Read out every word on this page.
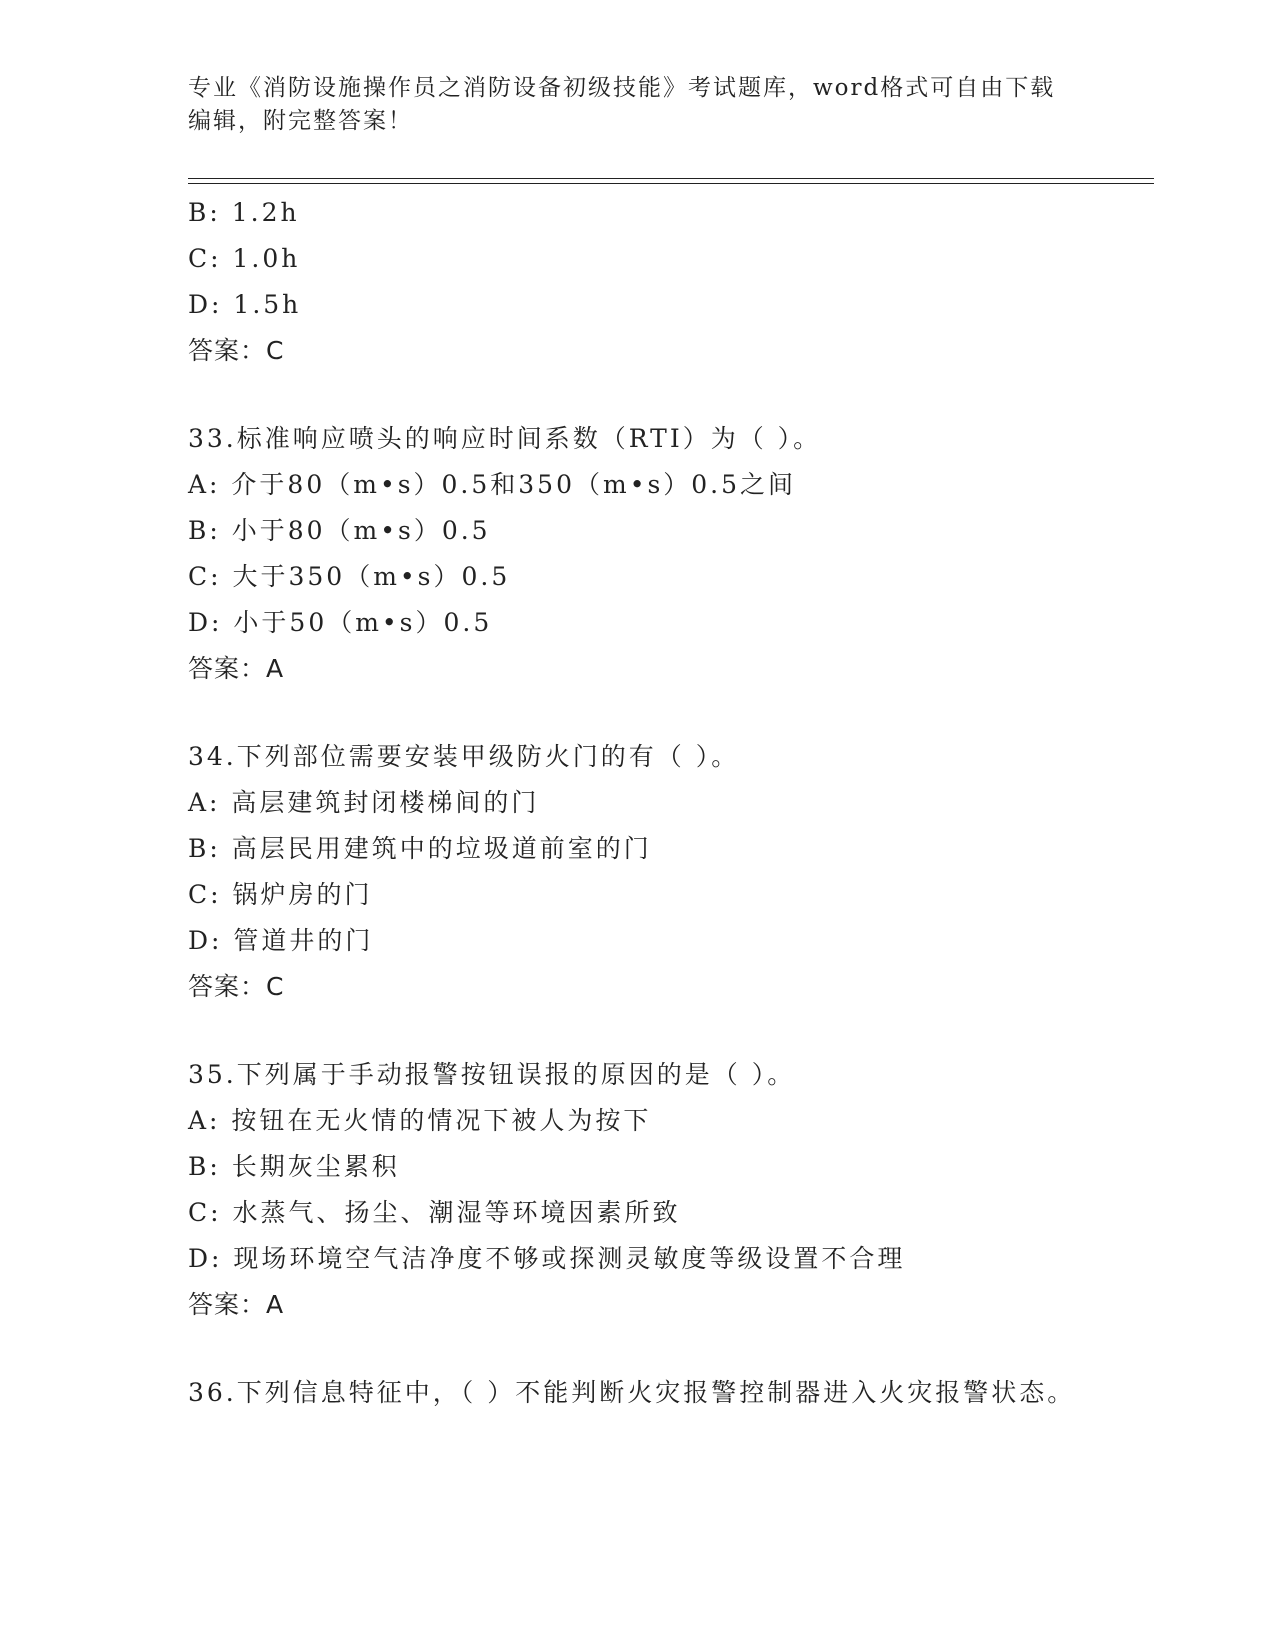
专业《消防设施操作员之消防设备初级技能》考试题库，word格式可自由下载编辑，附完整答案！
B: 1.2h
C: 1.0h
D: 1.5h
答案：C
33.标准响应喷头的响应时间系数（RTI）为（ ）。
A: 介于80（m•s）0.5和350（m•s）0.5之间
B: 小于80（m•s）0.5
C: 大于350（m•s）0.5
D: 小于50（m•s）0.5
答案：A
34.下列部位需要安装甲级防火门的有（ ）。
A: 高层建筑封闭楼梯间的门
B: 高层民用建筑中的垃圾道前室的门
C: 锅炉房的门
D: 管道井的门
答案：C
35.下列属于手动报警按钮误报的原因的是（ ）。
A: 按钮在无火情的情况下被人为按下
B: 长期灰尘累积
C: 水蒸气、扬尘、潮湿等环境因素所致
D: 现场环境空气洁净度不够或探测灵敏度等级设置不合理
答案：A
36.下列信息特征中，（ ）不能判断火灾报警控制器进入火灾报警状态。
